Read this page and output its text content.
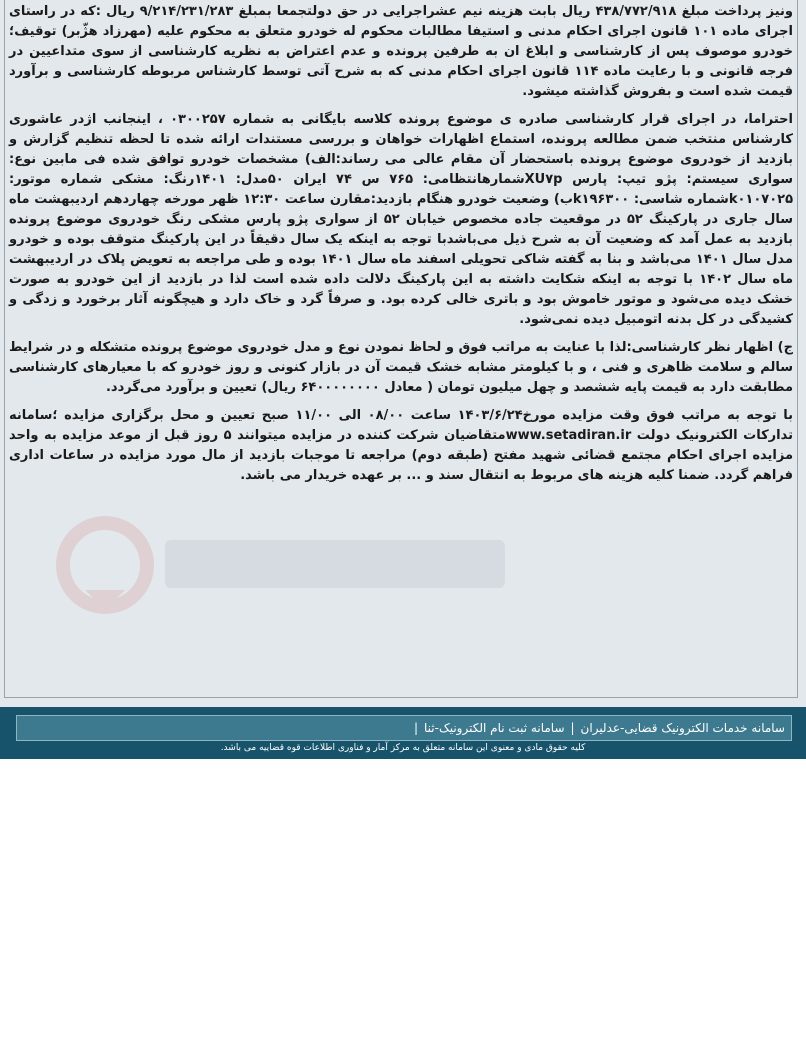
ونیز پرداخت مبلغ ۴۳۸/۷۷۲/۹۱۸ ریال بابت هزینه نیم عشراجرایی در حق دولتجمعا بمبلغ ۹/۲۱۴/۲۳۱/۲۸۳ ریال :که در راستای اجرای ماده ۱۰۱ قانون اجرای احکام مدنی و استیفا مطالبات محکوم له خودرو متعلق به محکوم علیه (مهرزاد هژّبر) توقیف؛ خودرو موصوف پس از کارشناسی و ابلاغ ان به طرفین پرونده و عدم اعتراض به نظریه کارشناسی از سوی متداعیین در فرجه قانونی و با رعایت ماده ۱۱۴ قانون اجرای احکام مدنی که به شرح آتی توسط کارشناس مربوطه کارشناسی و برآورد قیمت شده است و بفروش گذاشته میشود.

احتراما، در اجرای قرار کارشناسی صادره ی موضوع پرونده کلاسه بایگانی به شماره ۰۳۰۰۲۵۷ ، اینجانب اژدر عاشوری کارشناس منتخب ضمن مطالعه پرونده، استماع اظهارات خواهان و بررسی مستندات ارائه شده تا لحظه تنظیم گزارش و بازدید از خودروی موضوع پرونده باستحضار آن مقام عالی می رساند:الف) مشخصات خودرو توافق شده فی مابین نوع: سواری سیستم: پژو تیپ: پارس XU۷pشمارهانتظامی: ۷۶۵ س ۷۴ ایران ۵۰مدل: ۱۴۰۱رنگ: مشکی شماره موتور: k۰۱۰۷۰۲۵شماره شاسی: k۱۹۶۳۰۰ب) وضعیت خودرو هنگام بازدید:مقارن ساعت ۱۲:۳۰ ظهر مورخه چهاردهم اردیبهشت ماه سال جاری در پارکینگ ۵۲ در موقعیت جاده مخصوص خیابان ۵۲ از سواری پژو پارس مشکی رنگ خودروی موضوع پرونده بازدید به عمل آمد که وضعیت آن به شرح ذیل می‌باشدبا توجه به اینکه یک سال دقیقاً در این پارکینگ متوقف بوده و خودرو مدل سال ۱۴۰۱ می‌باشد و بنا به گفته شاکی تحویلی اسفند ماه سال ۱۴۰۱ بوده و طی مراجعه به تعویض پلاک در اردیبهشت ماه سال ۱۴۰۲ با توجه به اینکه شکایت داشته به این پارکینگ دلالت داده شده است لذا در بازدید از این خودرو به صورت خشک دیده می‌شود و موتور خاموش بود و باتری خالی کرده بود. و صرفاً گرد و خاک دارد و هیچگونه آثار برخورد و زدگی و کشیدگی در کل بدنه اتومبیل دیده نمی‌شود.

ج) اظهار نظر کارشناسی:لذا با عنایت به مراتب فوق و لحاظ نمودن نوع و مدل خودروی موضوع پرونده متشکله و در شرایط سالم و سلامت ظاهری و فنی ، و با کیلومتر مشابه خشک قیمت آن در بازار کنونی و روز خودرو که با معیارهای کارشناسی مطابقت دارد به قیمت پایه ششصد و چهل میلیون تومان ( معادل ۶۴۰۰۰۰۰۰۰۰ ریال) تعیین و برآورد می‌گردد.

با توجه به مراتب فوق وقت مزایده مورخ۱۴۰۳/۶/۲۴ ساعت ۰۸/۰۰ الی ۱۱/۰۰ صبح تعیین و محل برگزاری مزایده ؛سامانه تدارکات الکترونیک دولت www.setadiran.irمتقاضیان شرکت کننده در مزایده میتوانند ۵ روز قبل از موعد مزایده به واحد مزایده اجرای احکام مجتمع قضائی شهید مفتح (طبقه دوم) مراجعه تا موجبات بازدید از مال مورد مزایده در ساعات اداری فراهم گردد. ضمنا کلیه هزینه های مربوط به انتقال سند و ... بر عهده خریدار می باشد.

سامانه خدمات الکترونیک قضایی-عدلیران
|
سامانه ثبت نام الکترونیک-ثنا
|
کلیه حقوق مادی و معنوی این سامانه متعلق به مرکز آمار و فناوری اطلاعات قوه قضاییه می باشد.
